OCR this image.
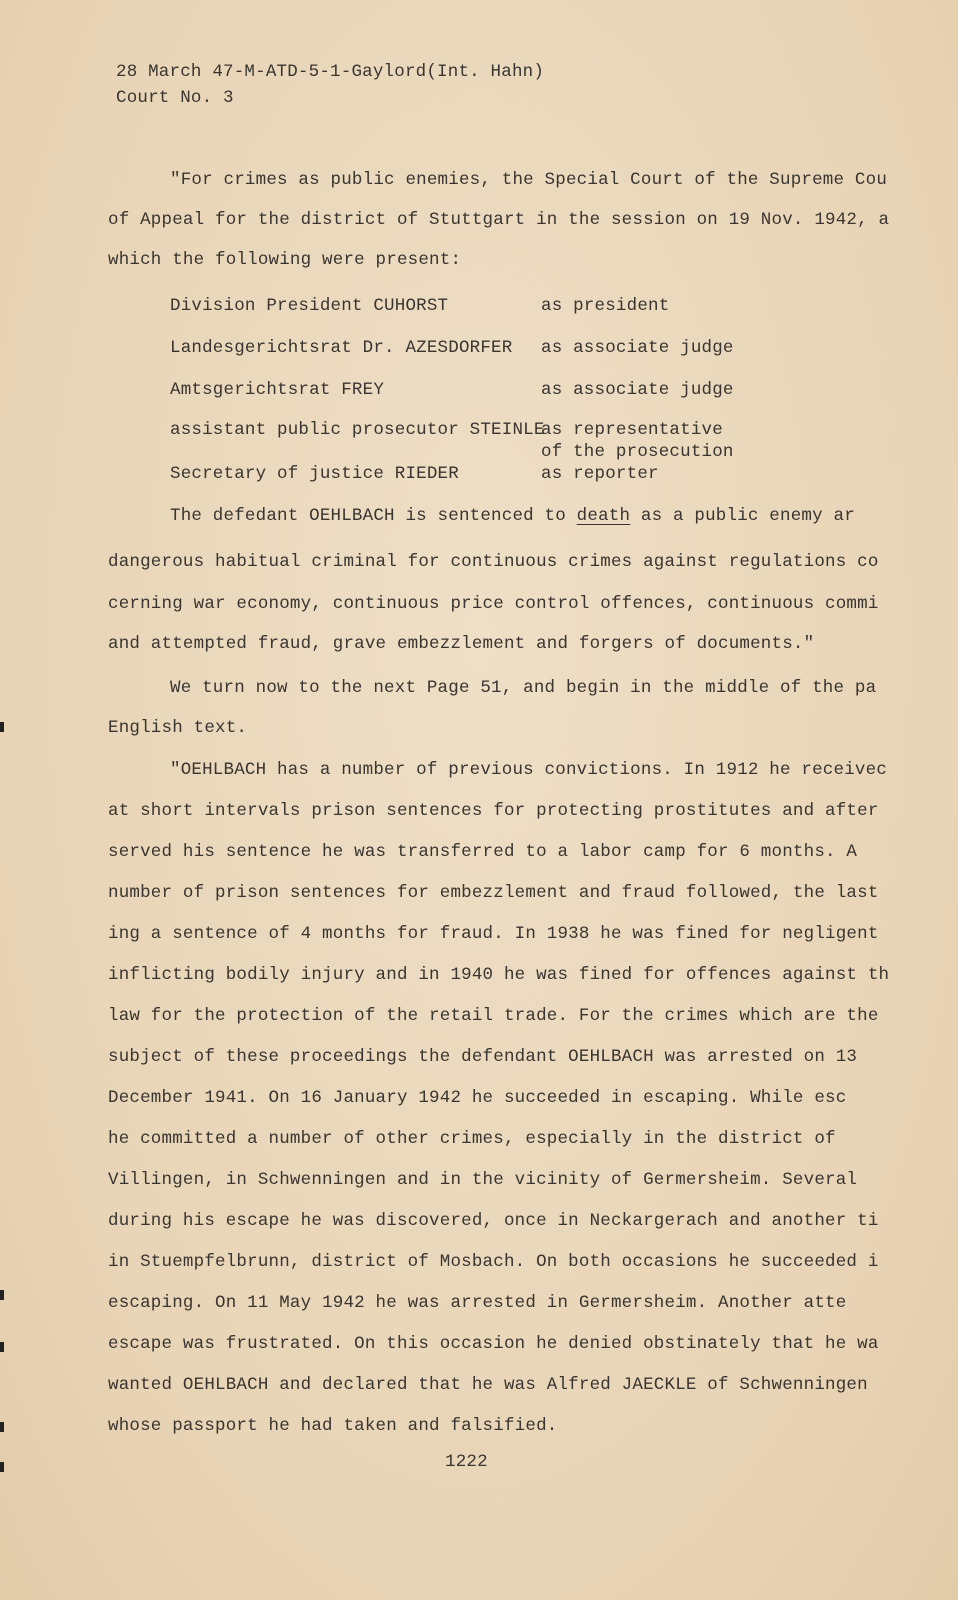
28 March 47-M-ATD-5-1-Gaylord(Int. Hahn)
Court No. 3
"For crimes as public enemies, the Special Court of the Supreme Cou
of Appeal for the district of Stuttgart in the session on 19 Nov. 1942, a
which the following were present:
Division President CUHORST	as president
Landesgerichtsrat Dr. AZESDORFER as associate judge
Amtsgerichtsrat FREY	as associate judge
assistant public prosecutor STEINLE
as representative
of the prosecution
Secretary of justice RIEDER	as reporter
The defedant OEHLBACH is sentenced to death as a public enemy ar
dangerous habitual criminal for continuous crimes against regulations co
cerning war economy, continuous price control offences, continuous commi
and attempted fraud, grave embezzlement and forgers of documents."
We turn now to the next Page 51, and begin in the middle of the pa
English text.
"OEHLBACH has a number of previous convictions. In 1912 he receivec
at short intervals prison sentences for protecting prostitutes and after
served his sentence he was transferred to a labor camp for 6 months. A
number of prison sentences for embezzlement and fraud followed, the last
ing a sentence of 4 months for fraud. In 1938 he was fined for negligent
inflicting bodily injury and in 1940 he was fined for offences against th
law for the protection of the retail trade. For the crimes which are the
subject of these proceedings the defendant OEHLBACH was arrested on 13
December 1941. On 16 January 1942 he succeeded in escaping. While esc
he committed a number of other crimes, especially in the district of
Villingen, in Schwenningen and in the vicinity of Germersheim. Several
during his escape he was discovered, once in Neckargerach and another ti
in Stuempfelbrunn, district of Mosbach. On both occasions he succeeded i
escaping. On 11 May 1942 he was arrested in Germersheim. Another atte
escape was frustrated. On this occasion he denied obstinately that he wa
wanted OEHLBACH and declared that he was Alfred JAECKLE of Schwenningen
whose passport he had taken and falsified.
1222
